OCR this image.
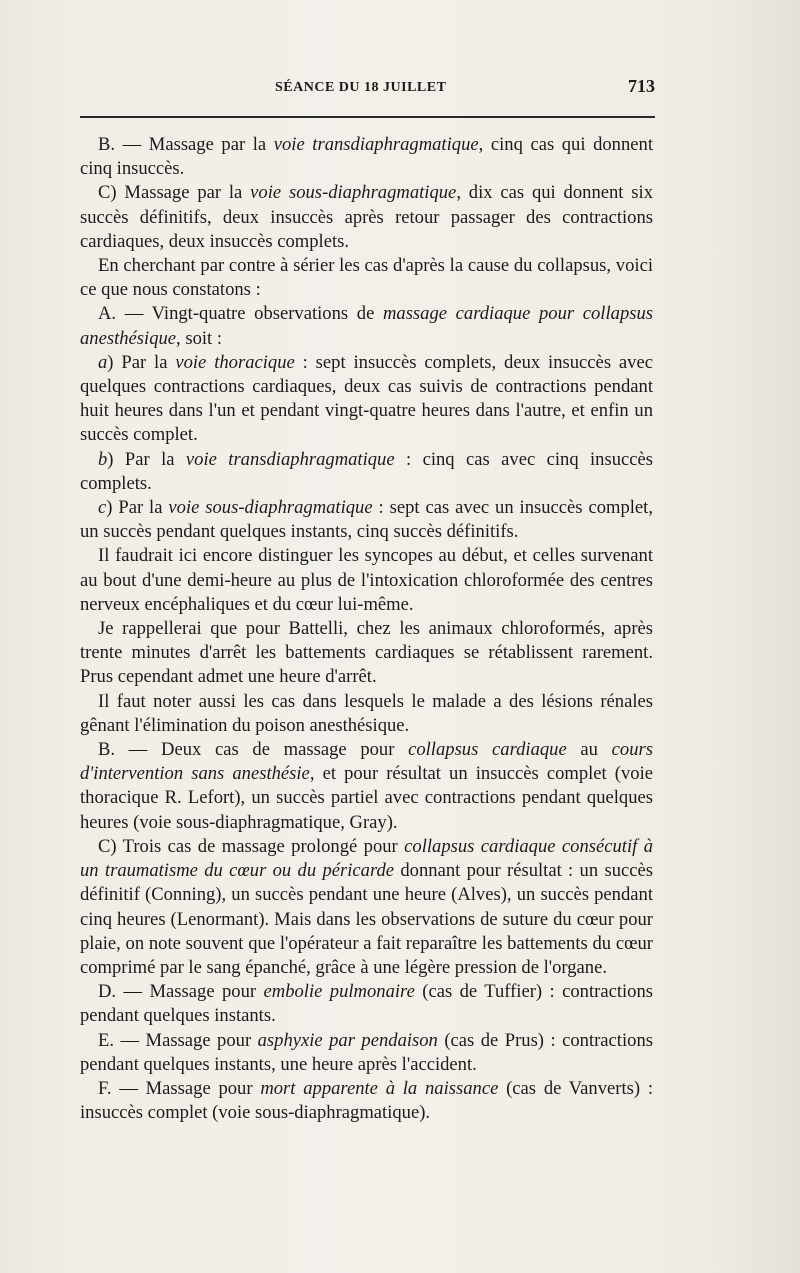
SÉANCE DU 18 JUILLET	713

B. — Massage par la voie transdiaphragmatique, cinq cas qui donnent cinq insuccès.

C) Massage par la voie sous-diaphragmatique, dix cas qui donnent six succès définitifs, deux insuccès après retour passager des contractions cardiaques, deux insuccès complets.

En cherchant par contre à sérier les cas d'après la cause du collapsus, voici ce que nous constatons :

A. — Vingt-quatre observations de massage cardiaque pour collapsus anesthésique, soit :

a) Par la voie thoracique : sept insuccès complets, deux insuccès avec quelques contractions cardiaques, deux cas suivis de contractions pendant huit heures dans l'un et pendant vingt-quatre heures dans l'autre, et enfin un succès complet.

b) Par la voie transdiaphragmatique : cinq cas avec cinq insuccès complets.

c) Par la voie sous-diaphragmatique : sept cas avec un insuccès complet, un succès pendant quelques instants, cinq succès définitifs.

Il faudrait ici encore distinguer les syncopes au début, et celles survenant au bout d'une demi-heure au plus de l'intoxication chloroformée des centres nerveux encéphaliques et du cœur lui-même.

Je rappellerai que pour Battelli, chez les animaux chloroformés, après trente minutes d'arrêt les battements cardiaques se rétablissent rarement. Prus cependant admet une heure d'arrêt.

Il faut noter aussi les cas dans lesquels le malade a des lésions rénales gênant l'élimination du poison anesthésique.

B. — Deux cas de massage pour collapsus cardiaque au cours d'intervention sans anesthésie, et pour résultat un insuccès complet (voie thoracique R. Lefort), un succès partiel avec contractions pendant quelques heures (voie sous-diaphragmatique, Gray).

C) Trois cas de massage prolongé pour collapsus cardiaque consécutif à un traumatisme du cœur ou du péricarde donnant pour résultat : un succès définitif (Conning), un succès pendant une heure (Alves), un succès pendant cinq heures (Lenormant). Mais dans les observations de suture du cœur pour plaie, on note souvent que l'opérateur a fait reparaître les battements du cœur comprimé par le sang épanché, grâce à une légère pression de l'organe.

D. — Massage pour embolie pulmonaire (cas de Tuffier) : contractions pendant quelques instants.

E. — Massage pour asphyxie par pendaison (cas de Prus) : contractions pendant quelques instants, une heure après l'accident.

F. — Massage pour mort apparente à la naissance (cas de Vanverts) : insuccès complet (voie sous-diaphragmatique).
